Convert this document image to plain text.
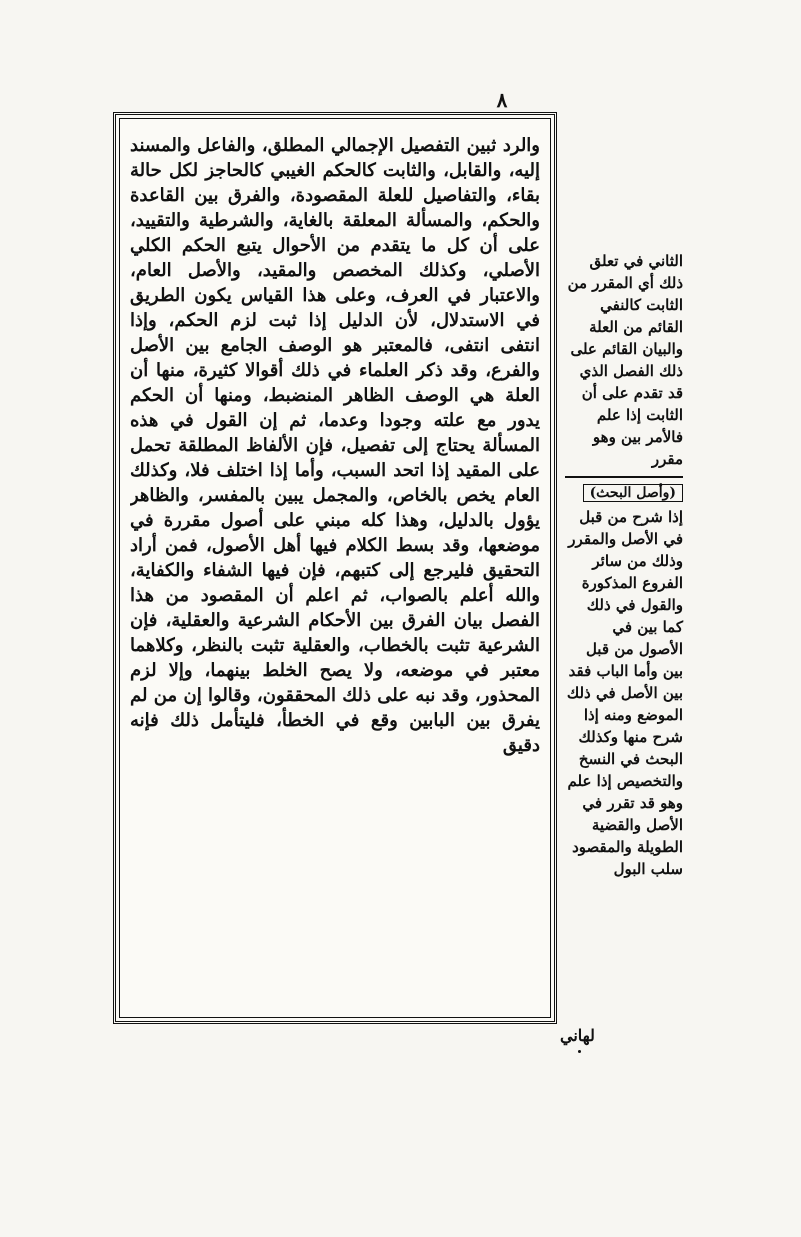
٨
والرد ثبين التفصيل الإجمالي المطلق، والفاعل والمسند إليه، والقابل، والثابت كالحكم الغيبي كالحاجز لكل حالة بقاء، والتفاصيل للعلة المقصودة، والفرق بين القاعدة والحكم، والمسألة المعلقة بالغاية، والشرطية والتقييد، على أن كل ما يتقدم من الأحوال يتبع الحكم الكلي الأصلي، وكذلك المخصص والمقيد، والأصل العام، والاعتبار في العرف، وعلى هذا القياس يكون الطريق في الاستدلال، لأن الدليل إذا ثبت لزم الحكم، وإذا انتفى انتفى، فالمعتبر هو الوصف الجامع بين الأصل والفرع، وقد ذكر العلماء في ذلك أقوالا كثيرة، منها أن العلة هي الوصف الظاهر المنضبط، ومنها أن الحكم يدور مع علته وجودا وعدما، ثم إن القول في هذه المسألة يحتاج إلى تفصيل، فإن الألفاظ المطلقة تحمل على المقيد إذا اتحد السبب، وأما إذا اختلف فلا، وكذلك العام يخص بالخاص، والمجمل يبين بالمفسر، والظاهر يؤول بالدليل، وهذا كله مبني على أصول مقررة في موضعها، وقد بسط الكلام فيها أهل الأصول، فمن أراد التحقيق فليرجع إلى كتبهم، فإن فيها الشفاء والكفاية، والله أعلم بالصواب، ثم اعلم أن المقصود من هذا الفصل بيان الفرق بين الأحكام الشرعية والعقلية، فإن الشرعية تثبت بالخطاب، والعقلية تثبت بالنظر، وكلاهما معتبر في موضعه، ولا يصح الخلط بينهما، وإلا لزم المحذور، وقد نبه على ذلك المحققون، وقالوا إن من لم يفرق بين البابين وقع في الخطأ، فليتأمل ذلك فإنه دقيق

الثاني في تعلق ذلك أي المقرر من الثابت كالنفي القائم من العلة والبيان القائم على ذلك الفصل الذي قد تقدم على أن الثابت إذا علم فالأمر بين وهو مقرر

(وأصل البحث)

إذا شرح من قبل في الأصل والمقرر وذلك من سائر الفروع المذكورة والقول في ذلك كما بين في الأصول من قبل بين وأما الباب فقد بين الأصل في ذلك الموضع ومنه إذا شرح منها وكذلك البحث في النسخ والتخصيص إذا علم وهو قد تقرر في الأصل والقضية الطويلة والمقصود سلب البول

لهاني
